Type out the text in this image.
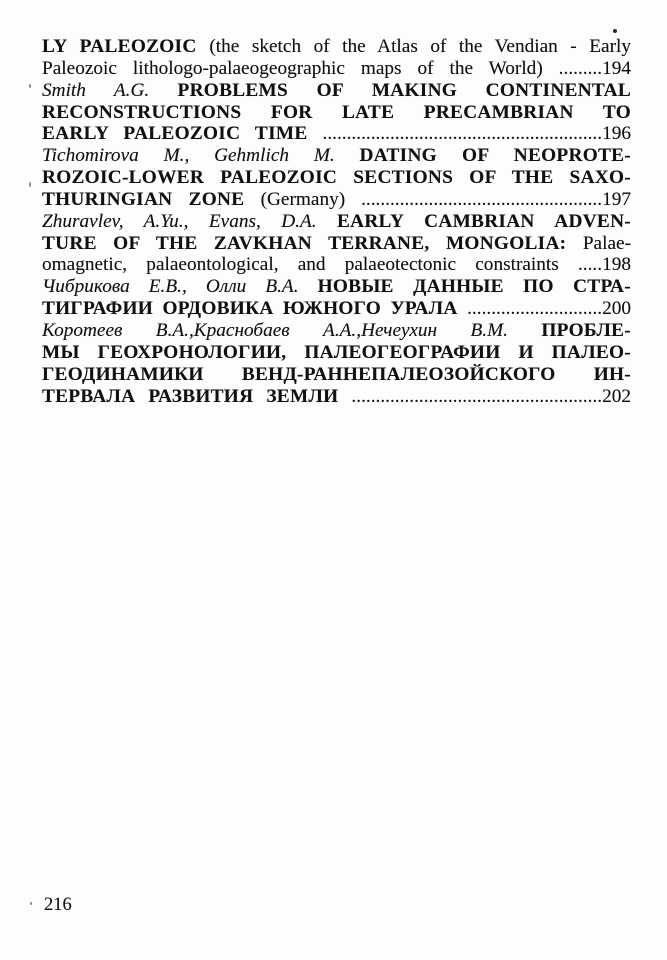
LY PALEOZOIC (the sketch of the Atlas of the Vendian - Early
Paleozoic lithologo-palaeogeographic maps of the World) .........194
Smith A.G. PROBLEMS OF MAKING CONTINENTAL
RECONSTRUCTIONS FOR LATE PRECAMBRIAN TO
EARLY PALEOZOIC TIME ..........................................................196
Tichomirova M., Gehmlich M. DATING OF NEOPROTE-
ROZOIC-LOWER PALEOZOIC SECTIONS OF THE SAXO-
THURINGIAN ZONE (Germany) ..................................................197
Zhuravlev, A.Yu., Evans, D.A. EARLY CAMBRIAN ADVEN-
TURE OF THE ZAVKHAN TERRANE, MONGOLIA: Palae-
omagnetic, palaeontological, and palaeotectonic constraints .....198
Чибрикова Е.В., Олли В.А. НОВЫЕ ДАННЫЕ ПО СТРА-
ТИГРАФИИ ОРДОВИКА ЮЖНОГО УРАЛА ............................200
Коротеев В.А.,Краснобаев А.А.,Нечеухин В.М. ПРОБЛЕ-
МЫ ГЕОХРОНОЛОГИИ, ПАЛЕОГЕОГРАФИИ И ПАЛЕО-
ГЕОДИНАМИКИ ВЕНД-РАННЕПАЛЕОЗОЙСКОГО ИН-
ТЕРВАЛА РАЗВИТИЯ ЗЕМЛИ ....................................................202
216
